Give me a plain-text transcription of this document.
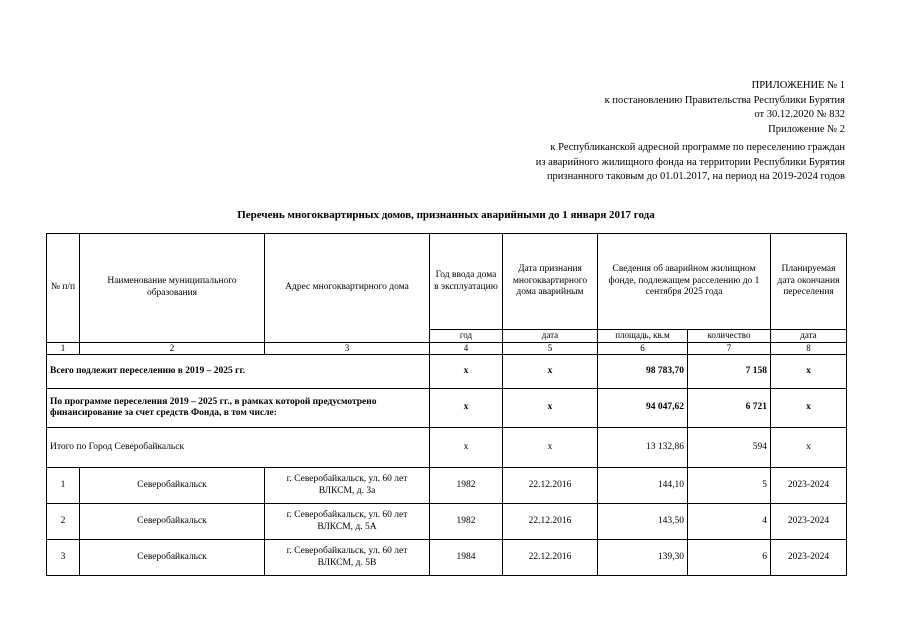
ПРИЛОЖЕНИЕ № 1
к постановлению Правительства Республики Бурятия
от 30.12.2020 № 832
Приложение № 2
к Республиканской адресной программе по переселению граждан
из аварийного жилищного фонда на территории Республики Бурятия
признанного таковым до 01.01.2017, на период на 2019-2024 годов
Перечень многоквартирных домов, признанных аварийными до 1 января 2017 года
№ п/п	Наименование муниципального образования	Адрес многоквартирного дома	Год ввода дома в эксплуатацию	Дата признания многоквартирного дома аварийным	Сведения об аварийном жилищном фонде, подлежащем расселению до 1 сентября 2025 года		Планируемая дата окончания переселения
			год	дата	площадь, кв.м	количество	дата
1	2	3	4	5	6	7	8
Всего подлежит переселению в 2019 – 2025 гг.			х	х	98 783,70	7 158	х
По программе переселения 2019 – 2025 гг., в рамках которой предусмотрено финансирование за счет средств Фонда, в том числе:			х	х	94 047,62	6 721	х
Итого по Город Северобайкальск			х	х	13 132,86	594	х
1	Северобайкальск	г. Северобайкальск, ул. 60 лет ВЛКСМ, д. 3а	1982	22.12.2016	144,10	5	2023-2024
2	Северобайкальск	г. Северобайкальск, ул. 60 лет ВЛКСМ, д. 5А	1982	22.12.2016	143,50	4	2023-2024
3	Северобайкальск	г. Северобайкальск, ул. 60 лет ВЛКСМ, д. 5В	1984	22.12.2016	139,30	6	2023-2024
